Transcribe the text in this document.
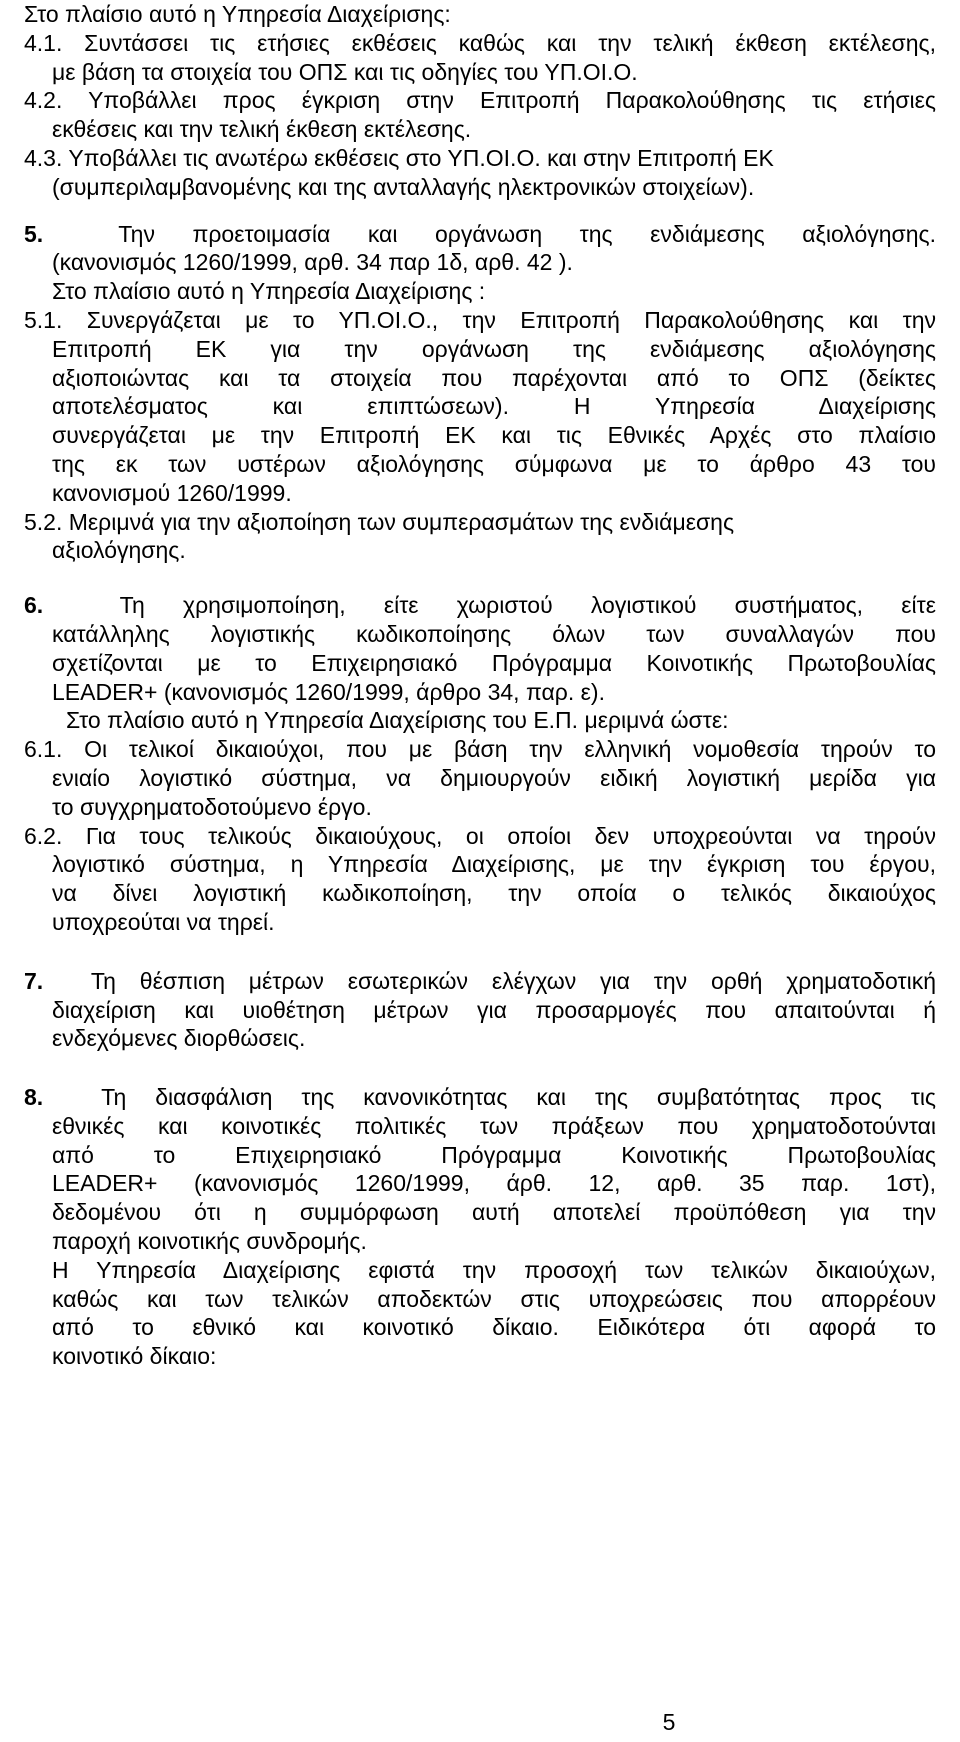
Στο πλαίσιο αυτό η Υπηρεσία Διαχείρισης:
4.1. Συντάσσει τις ετήσιες εκθέσεις καθώς και την τελική έκθεση εκτέλεσης,
με βάση τα στοιχεία του ΟΠΣ και τις οδηγίες του ΥΠ.ΟΙ.Ο.
4.2. Υποβάλλει προς έγκριση στην Επιτροπή Παρακολούθησης τις ετήσιες
εκθέσεις και την τελική έκθεση εκτέλεσης.
4.3. Υποβάλλει τις ανωτέρω εκθέσεις στο ΥΠ.ΟΙ.Ο. και στην Επιτροπή ΕΚ
(συμπεριλαμβανομένης και της ανταλλαγής ηλεκτρονικών στοιχείων).
5.	Την προετοιμασία και οργάνωση της ενδιάμεσης αξιολόγησης.
(κανονισμός 1260/1999, αρθ. 34 παρ 1δ, αρθ. 42 ).
Στο πλαίσιο αυτό η Υπηρεσία Διαχείρισης :
5.1. Συνεργάζεται με το ΥΠ.ΟΙ.Ο., την Επιτροπή Παρακολούθησης και την
Επιτροπή ΕΚ για την οργάνωση της ενδιάμεσης αξιολόγησης
αξιοποιώντας και τα στοιχεία που παρέχονται από το ΟΠΣ (δείκτες
αποτελέσματος και επιπτώσεων). Η Υπηρεσία Διαχείρισης
συνεργάζεται με την Επιτροπή ΕΚ και τις Εθνικές Αρχές στο πλαίσιο
της εκ των υστέρων αξιολόγησης σύμφωνα με το άρθρο 43 του
κανονισμού 1260/1999.
5.2. Μεριμνά για την αξιοποίηση των συμπερασμάτων της ενδιάμεσης
αξιολόγησης.
6.	Τη χρησιμοποίηση, είτε χωριστού λογιστικού συστήματος, είτε
κατάλληλης λογιστικής κωδικοποίησης όλων των συναλλαγών που
σχετίζονται με το Επιχειρησιακό Πρόγραμμα Κοινοτικής Πρωτοβουλίας
LEADER+ (κανονισμός 1260/1999, άρθρο 34, παρ. ε).
Στο πλαίσιο αυτό η Υπηρεσία Διαχείρισης του Ε.Π. μεριμνά ώστε:
6.1. Οι τελικοί δικαιούχοι, που με βάση την ελληνική νομοθεσία τηρούν το
ενιαίο λογιστικό σύστημα, να δημιουργούν ειδική λογιστική μερίδα για
το συγχρηματοδοτούμενο έργο.
6.2. Για τους τελικούς δικαιούχους, οι οποίοι δεν υποχρεούνται να τηρούν
λογιστικό σύστημα, η Υπηρεσία Διαχείρισης, με την έγκριση του έργου,
να δίνει λογιστική κωδικοποίηση, την οποία ο τελικός δικαιούχος
υποχρεούται να τηρεί.
7. Τη θέσπιση μέτρων εσωτερικών ελέγχων για την ορθή χρηματοδοτική
διαχείριση και υιοθέτηση μέτρων για προσαρμογές που απαιτούνται ή
ενδεχόμενες διορθώσεις.
8.	Τη διασφάλιση της κανονικότητας και της συμβατότητας προς τις
εθνικές και κοινοτικές πολιτικές των πράξεων που χρηματοδοτούνται
από το Επιχειρησιακό Πρόγραμμα Κοινοτικής Πρωτοβουλίας
LEADER+ (κανονισμός 1260/1999, άρθ. 12, αρθ. 35 παρ. 1στ),
δεδομένου ότι η συμμόρφωση αυτή αποτελεί προϋπόθεση για την
παροχή κοινοτικής συνδρομής.
Η Υπηρεσία Διαχείρισης εφιστά την προσοχή των τελικών δικαιούχων,
καθώς και των τελικών αποδεκτών στις υποχρεώσεις που απορρέουν
από το εθνικό και κοινοτικό δίκαιο. Ειδικότερα ότι αφορά το
κοινοτικό δίκαιο:
5
